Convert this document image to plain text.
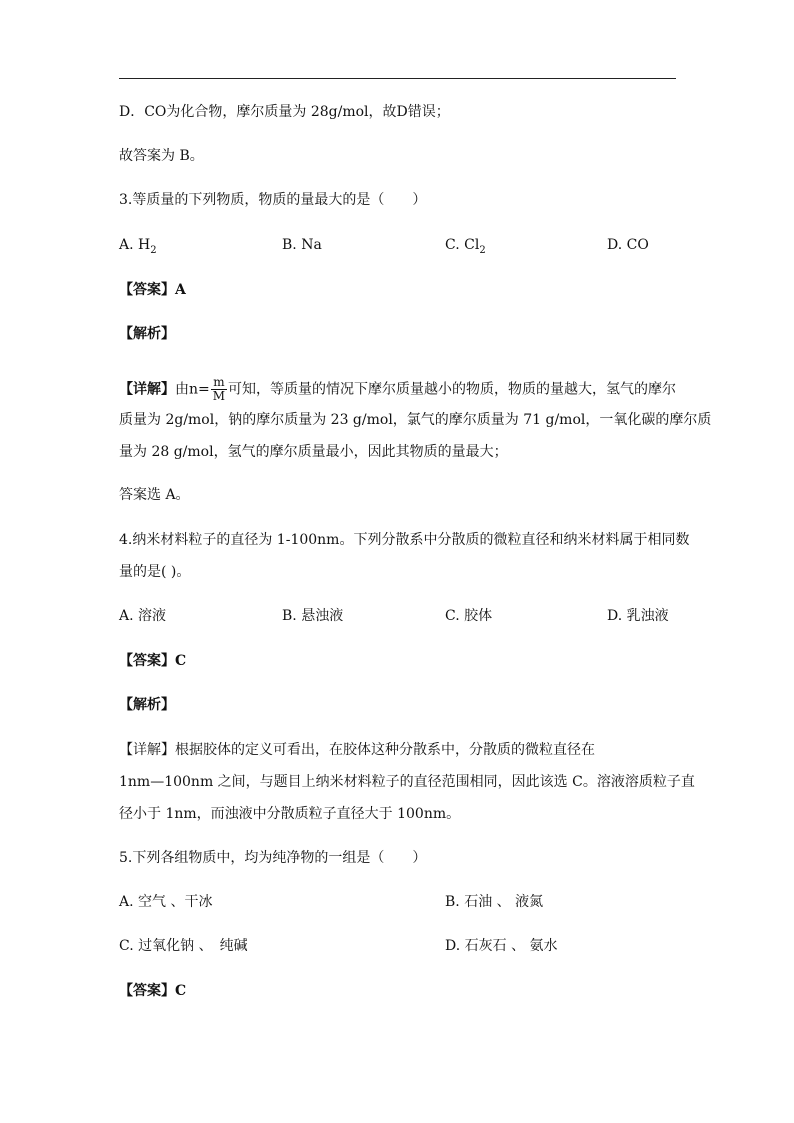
D．CO为化合物，摩尔质量为 28g/mol，故D错误；
故答案为 B。
3.等质量的下列物质，物质的量最大的是（　　）
A. $H_2$	B. Na	C. $Cl_2$	D. CO
【答案】A
【解析】
【详解】由$n= \frac{m}{M}$ 可知，等质量的情况下摩尔质量越小的物质，物质的量越大，氢气的摩尔
质量为 2g/mol，钠的摩尔质量为 23 g/mol，氯气的摩尔质量为 71 g/mol，一氧化碳的摩尔质
量为 28 g/mol，氢气的摩尔质量最小，因此其物质的量最大；
答案选 A。
4.纳米材料粒子的直径为 1-100nm。下列分散系中分散质的微粒直径和纳米材料属于相同数
量的是( )。
A. 溶液	B. 悬浊液	C. 胶体	D. 乳浊液
【答案】C
【解析】
【详解】根据胶体的定义可看出，在胶体这种分散系中，分散质的微粒直径在
1nm—100nm 之间，与题目上纳米材料粒子的直径范围相同，因此该选 C。溶液溶质粒子直
径小于 1nm，而浊液中分散质粒子直径大于 100nm。
5.下列各组物质中，均为纯净物的一组是（　　）
A. 空气 、干冰	B. 石油 、 液氮
C. 过氧化钠 、　纯碱	D. 石灰石 、 氨水
【答案】C
